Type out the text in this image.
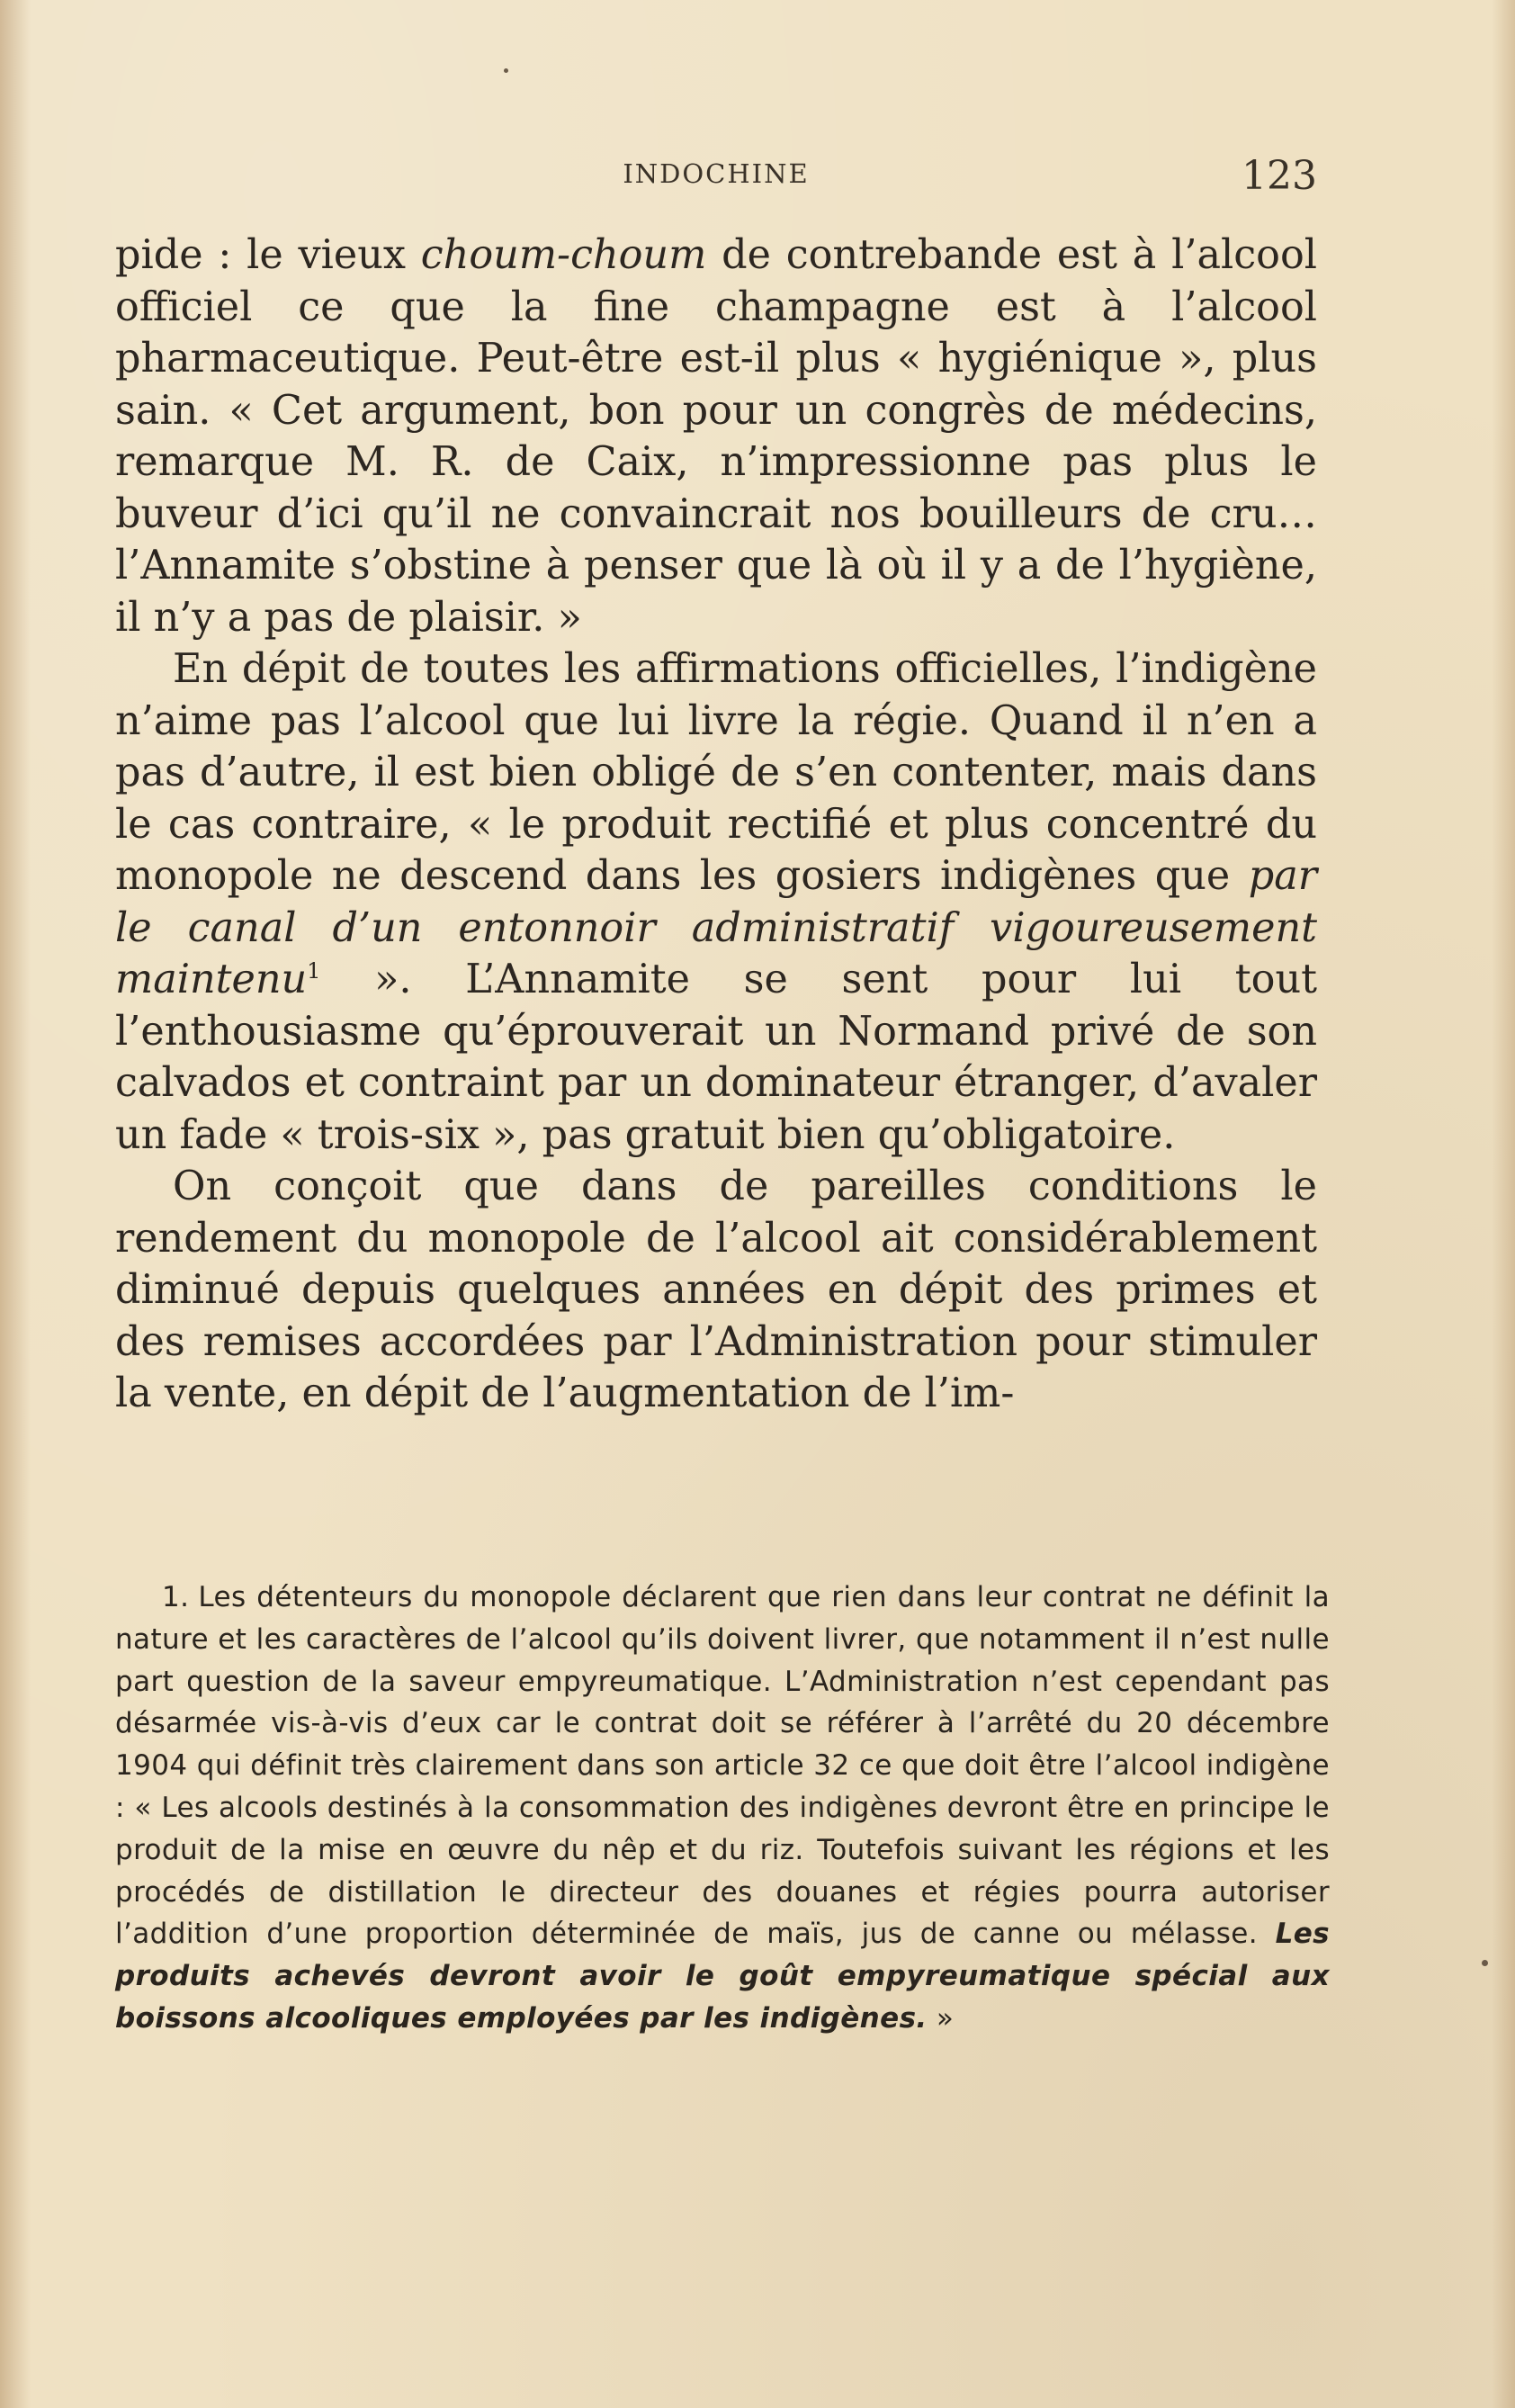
INDOCHINE	123

pide : le vieux choum-choum de contrebande est à l’alcool officiel ce que la fine champagne est à l’alcool pharmaceutique. Peut-être est-il plus « hygiénique », plus sain. « Cet argument, bon pour un congrès de médecins, remarque M. R. de Caix, n’impressionne pas plus le buveur d’ici qu’il ne convaincrait nos bouilleurs de cru… l’Annamite s’obstine à penser que là où il y a de l’hygiène, il n’y a pas de plaisir. »

En dépit de toutes les affirmations officielles, l’indigène n’aime pas l’alcool que lui livre la régie. Quand il n’en a pas d’autre, il est bien obligé de s’en contenter, mais dans le cas contraire, « le produit rectifié et plus concentré du monopole ne descend dans les gosiers indigènes que par le canal d’un entonnoir administratif vigoureusement maintenu$^1$ ». L’Annamite se sent pour lui tout l’enthousiasme qu’éprouverait un Normand privé de son calvados et contraint par un dominateur étranger, d’avaler un fade « trois-six », pas gratuit bien qu’obligatoire.

On conçoit que dans de pareilles conditions le rendement du monopole de l’alcool ait considérablement diminué depuis quelques années en dépit des primes et des remises accordées par l’Administration pour stimuler la vente, en dépit de l’augmentation de l’im-

1. Les détenteurs du monopole déclarent que rien dans leur contrat ne définit la nature et les caractères de l’alcool qu’ils doivent livrer, que notamment il n’est nulle part question de la saveur empyreumatique. L’Administration n’est cependant pas désarmée vis-à-vis d’eux car le contrat doit se référer à l’arrêté du 20 décembre 1904 qui définit très clairement dans son article 32 ce que doit être l’alcool indigène : « Les alcools destinés à la consommation des indigènes devront être en principe le produit de la mise en œuvre du nêp et du riz. Toutefois suivant les régions et les procédés de distillation le directeur des douanes et régies pourra autoriser l’addition d’une proportion déterminée de maïs, jus de canne ou mélasse. Les produits achevés devront avoir le goût empyreumatique spécial aux boissons alcooliques employées par les indigènes. »
